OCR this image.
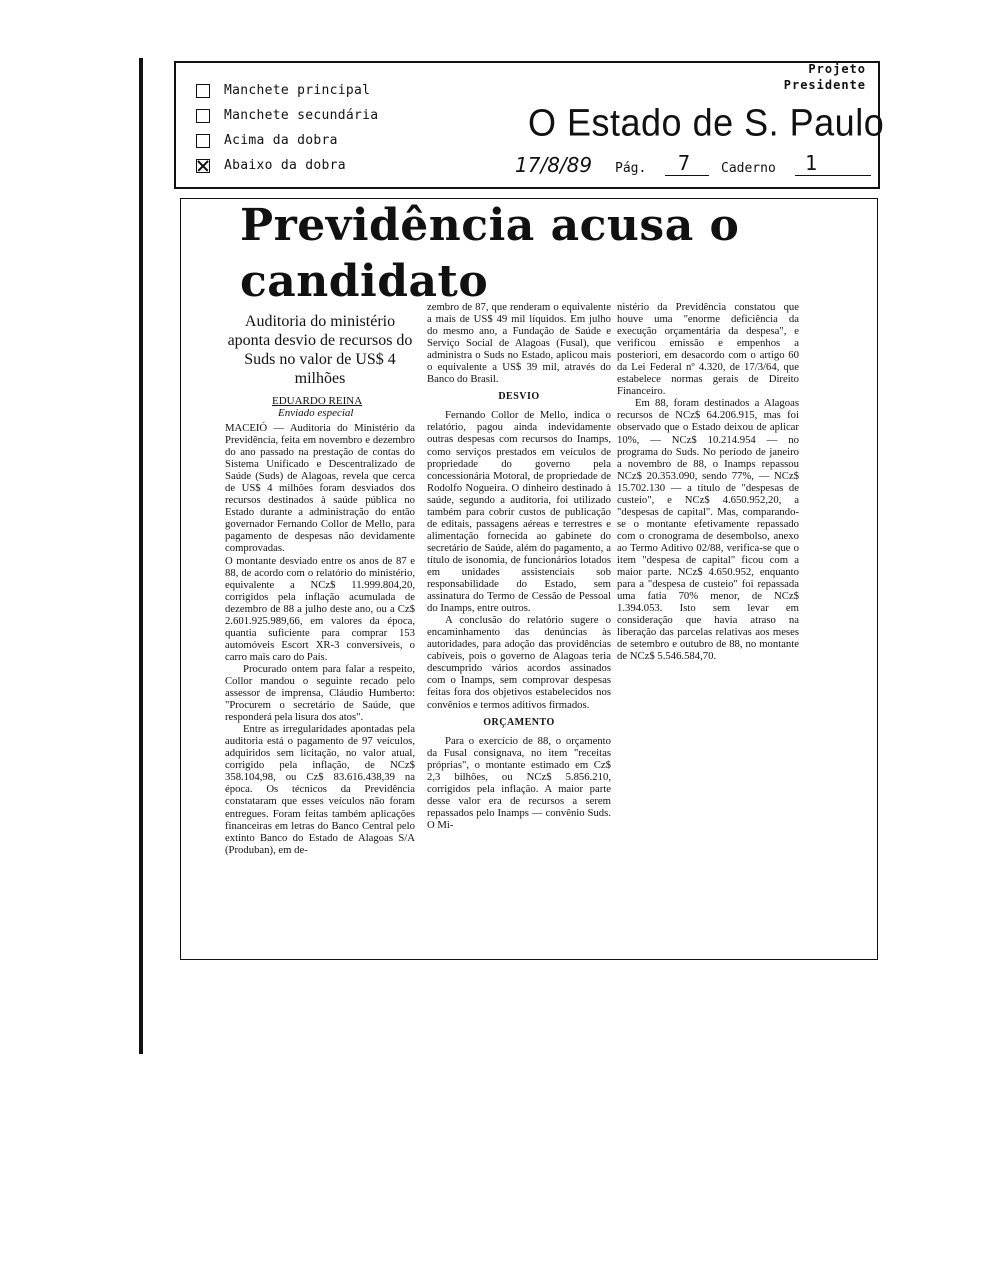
Manchete principal
Manchete secundária
Acima da dobra
Abaixo da dobra
Projeto
Presidente
O Estado de S. Paulo
17/8/89 Pág. 7 Caderno 1
Previdência acusa o candidato
Auditoria do ministério aponta desvio de recursos do Suds no valor de US$ 4 milhões
EDUARDO REINA
Enviado especial

MACEIÓ — Auditoria do Ministério da Previdência, feita em novembro e dezembro do ano passado na prestação de contas do Sistema Unificado e Descentralizado de Saúde (Suds) de Alagoas, revela que cerca de US$ 4 milhões foram desviados dos recursos destinados à saúde pública no Estado durante a administração do então governador Fernando Collor de Mello, para pagamento de despesas não devidamente comprovadas.

O montante desviado entre os anos de 87 e 88, de acordo com o relatório do ministério, equivalente a NCz$ 11.999.804,20, corrigidos pela inflação acumulada de dezembro de 88 a julho deste ano, ou a Cz$ 2.601.925.989,66, em valores da época, quantia suficiente para comprar 153 automóveis Escort XR-3 conversíveis, o carro mais caro do País.

Procurado ontem para falar a respeito, Collor mandou o seguinte recado pelo assessor de imprensa, Cláudio Humberto: "Procurem o secretário de Saúde, que responderá pela lisura dos atos".

Entre as irregularidades apontadas pela auditoria está o pagamento de 97 veículos, adquiridos sem licitação, no valor atual, corrigido pela inflação, de NCz$ 358.104,98, ou Cz$ 83.616.438,39 na época. Os técnicos da Previdência constataram que esses veículos não foram entregues. Foram feitas também aplicações financeiras em letras do Banco Central pelo extinto Banco do Estado de Alagoas S/A (Produban), em de-

zembro de 87, que renderam o equivalente a mais de US$ 49 mil líquidos. Em julho do mesmo ano, a Fundação de Saúde e Serviço Social de Alagoas (Fusal), que administra o Suds no Estado, aplicou mais o equivalente a US$ 39 mil, através do Banco do Brasil.

DESVIO

Fernando Collor de Mello, indica o relatório, pagou ainda indevidamente outras despesas com recursos do Inamps, como serviços prestados em veículos de propriedade do governo pela concessionária Motoral, de propriedade de Rodolfo Nogueira. O dinheiro destinado à saúde, segundo a auditoria, foi utilizado também para cobrir custos de publicação de editais, passagens aéreas e terrestres e alimentação fornecida ao gabinete do secretário de Saúde, além do pagamento, a título de isonomia, de funcionários lotados em unidades assistenciais sob responsabilidade do Estado, sem assinatura do Termo de Cessão de Pessoal do Inamps, entre outros.

A conclusão do relatório sugere o encaminhamento das denúncias às autoridades, para adoção das providências cabíveis, pois o governo de Alagoas teria descumprido vários acordos assinados com o Inamps, sem comprovar despesas feitas fora dos objetivos estabelecidos nos convênios e termos aditivos firmados.

ORÇAMENTO

Para o exercício de 88, o orçamento da Fusal consignava, no item "receitas próprias", o montante estimado em Cz$ 2,3 bilhões, ou NCz$ 5.856.210, corrigidos pela inflação. A maior parte desse valor era de recursos a serem repassados pelo Inamps — convênio Suds. O Mi-

nistério da Previdência constatou que houve uma "enorme deficiência da execução orçamentária da despesa", e verificou emissão e empenhos a posteriori, em desacordo com o artigo 60 da Lei Federal nº 4.320, de 17/3/64, que estabelece normas gerais de Direito Financeiro.

Em 88, foram destinados a Alagoas recursos de NCz$ 64.206.915, mas foi observado que o Estado deixou de aplicar 10%, — NCz$ 10.214.954 — no programa do Suds. No período de janeiro a novembro de 88, o Inamps repassou NCz$ 20.353.090, sendo 77%, — NCz$ 15.702.130 — a título de "despesas de custeio", e NCz$ 4.650.952,20, a "despesas de capital". Mas, comparando-se o montante efetivamente repassado com o cronograma de desembolso, anexo ao Termo Aditivo 02/88, verifica-se que o item "despesa de capital" ficou com a maior parte. NCz$ 4.650.952, enquanto para a "despesa de custeio" foi repassada uma fatia 70% menor, de NCz$ 1.394.053. Isto sem levar em consideração que havia atraso na liberação das parcelas relativas aos meses de setembro e outubro de 88, no montante de NCz$ 5.546.584,70.
